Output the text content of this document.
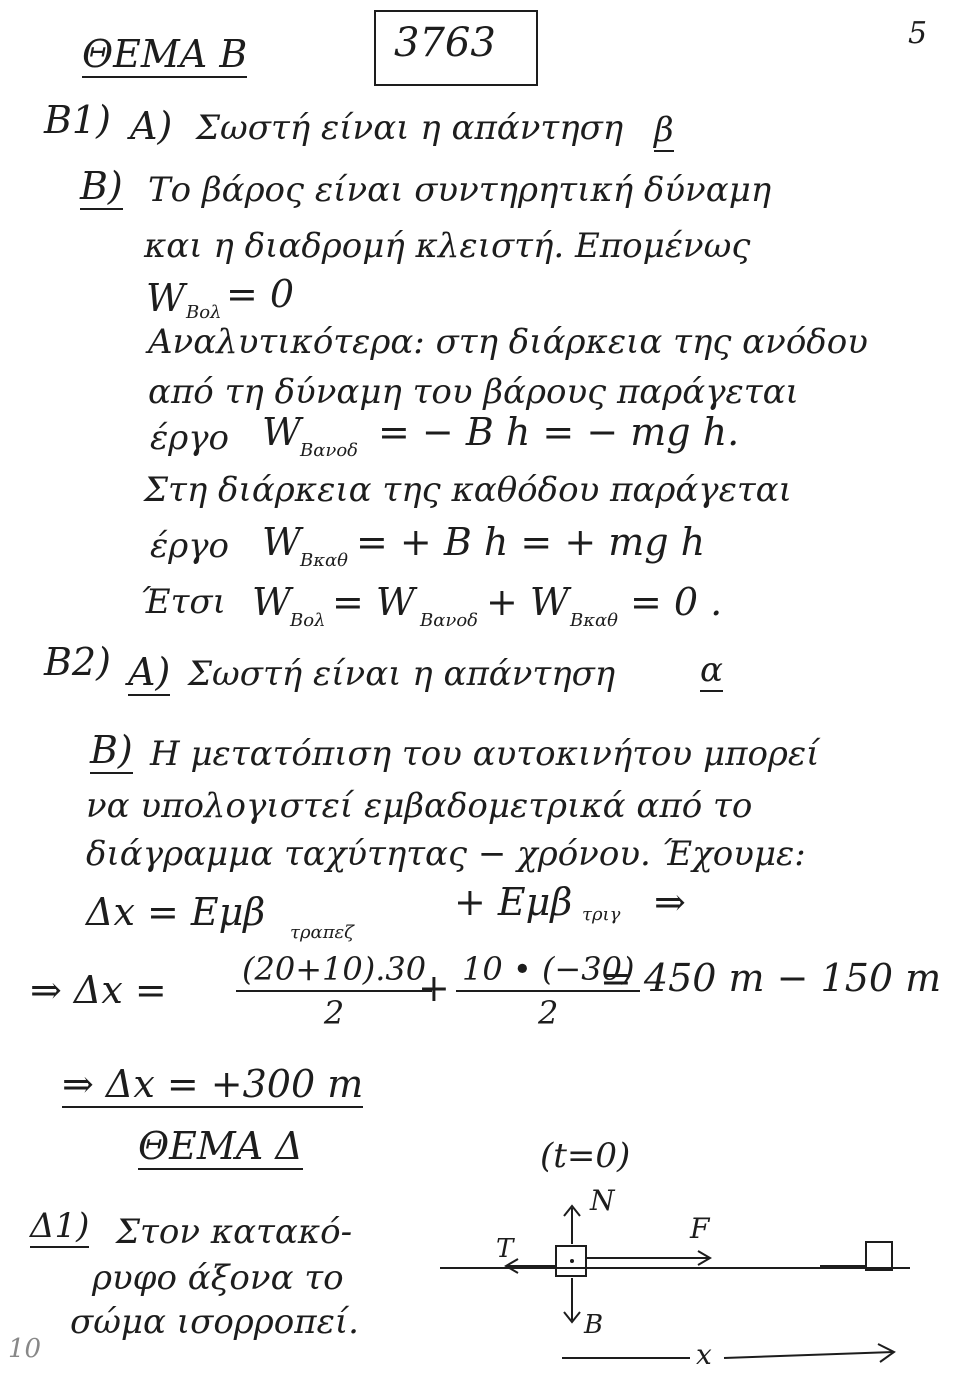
ΘΕΜΑ Β	3763	5
Β1) Α) Σωστή είναι η απάντηση β
Β) Το βάρος είναι συντηρητική δύναμη
και η διαδρομή κλειστή. Επομένως
W Bολ = 0
Αναλυτικότερα: στη διάρκεια της ανόδου
από τη δύναμη του βάρους παράγεται
έργο W
Bανοδ = − B h = − mg h.
Στη διάρκεια της καθόδου παράγεται
έργο W
Bκαθ = + B h = + mg h
Έτσι W
Bολ = W Bανοδ + W Bκαθ = 0 .
Β2) Α) Σωστή είναι η απάντηση α
Β) Η μετατόπιση του αυτοκινήτου μπορεί
να υπολογιστεί εμβαδομετρικά από το
διάγραμμα ταχύτητας − χρόνου. Έχουμε:
Δx = Εμβ τραπεζ
+ Εμβ τριγ ⇒
⇒ $\Delta x = \frac{(20+10).30}{2}$
+ $\frac{10 • (-30)}{2}$
= 450 m − 150 m
⇒ Δx = +300 m
ΘΕΜΑ Δ
Δ1) Στον κατακό-
ρυφο άξονα το
σώμα ισορροπεί.
10
(t=0)
N
F
T
B
x
